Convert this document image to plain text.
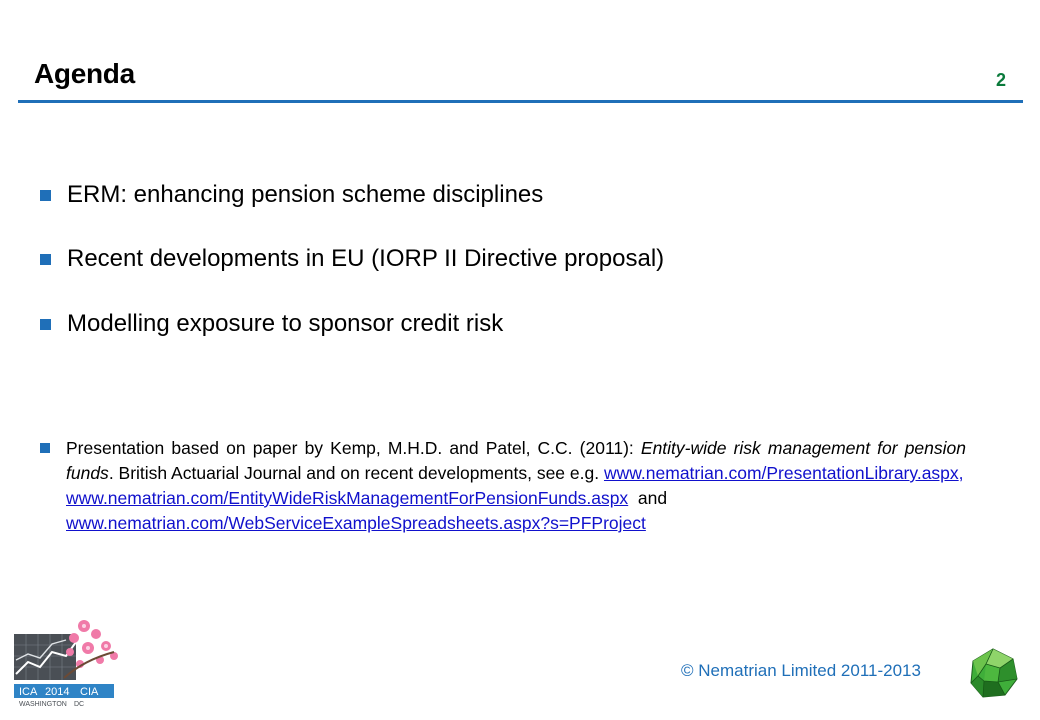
Agenda	2
ERM: enhancing pension scheme disciplines
Recent developments in EU (IORP II Directive proposal)
Modelling exposure to sponsor credit risk
Presentation based on paper by Kemp, M.H.D. and Patel, C.C. (2011): Entity-wide risk management for pension funds. British Actuarial Journal and on recent developments, see e.g. www.nematrian.com/PresentationLibrary.aspx,
www.nematrian.com/EntityWideRiskManagementForPensionFunds.aspx  and
www.nematrian.com/WebServiceExampleSpreadsheets.aspx?s=PFProject
© Nematrian Limited 2011-2013
ICA 2014 CIA
WASHINGTON DC
